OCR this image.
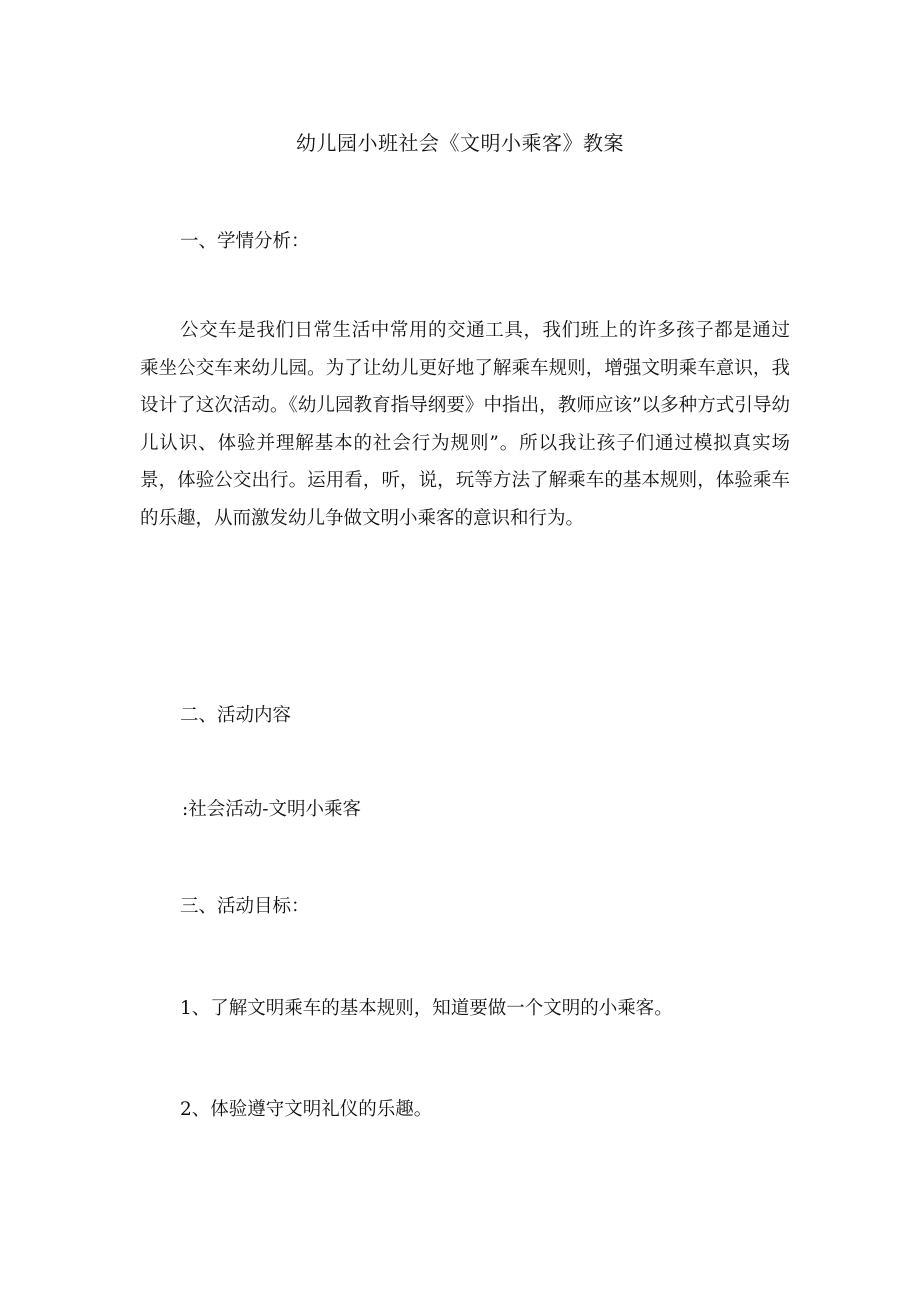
幼儿园小班社会《文明小乘客》教案
一、学情分析：

公交车是我们日常生活中常用的交通工具，我们班上的许多孩子都是通过乘坐公交车来幼儿园。为了让幼儿更好地了解乘车规则，增强文明乘车意识，我设计了这次活动。《幼儿园教育指导纲要》中指出，教师应该”以多种方式引导幼儿认识、体验并理解基本的社会行为规则”。所以我让孩子们通过模拟真实场景，体验公交出行。运用看，听，说，玩等方法了解乘车的基本规则，体验乘车的乐趣，从而激发幼儿争做文明小乘客的意识和行为。

二、活动内容
:社会活动-文明小乘客
三、活动目标：
1、了解文明乘车的基本规则，知道要做一个文明的小乘客。
2、体验遵守文明礼仪的乐趣。
